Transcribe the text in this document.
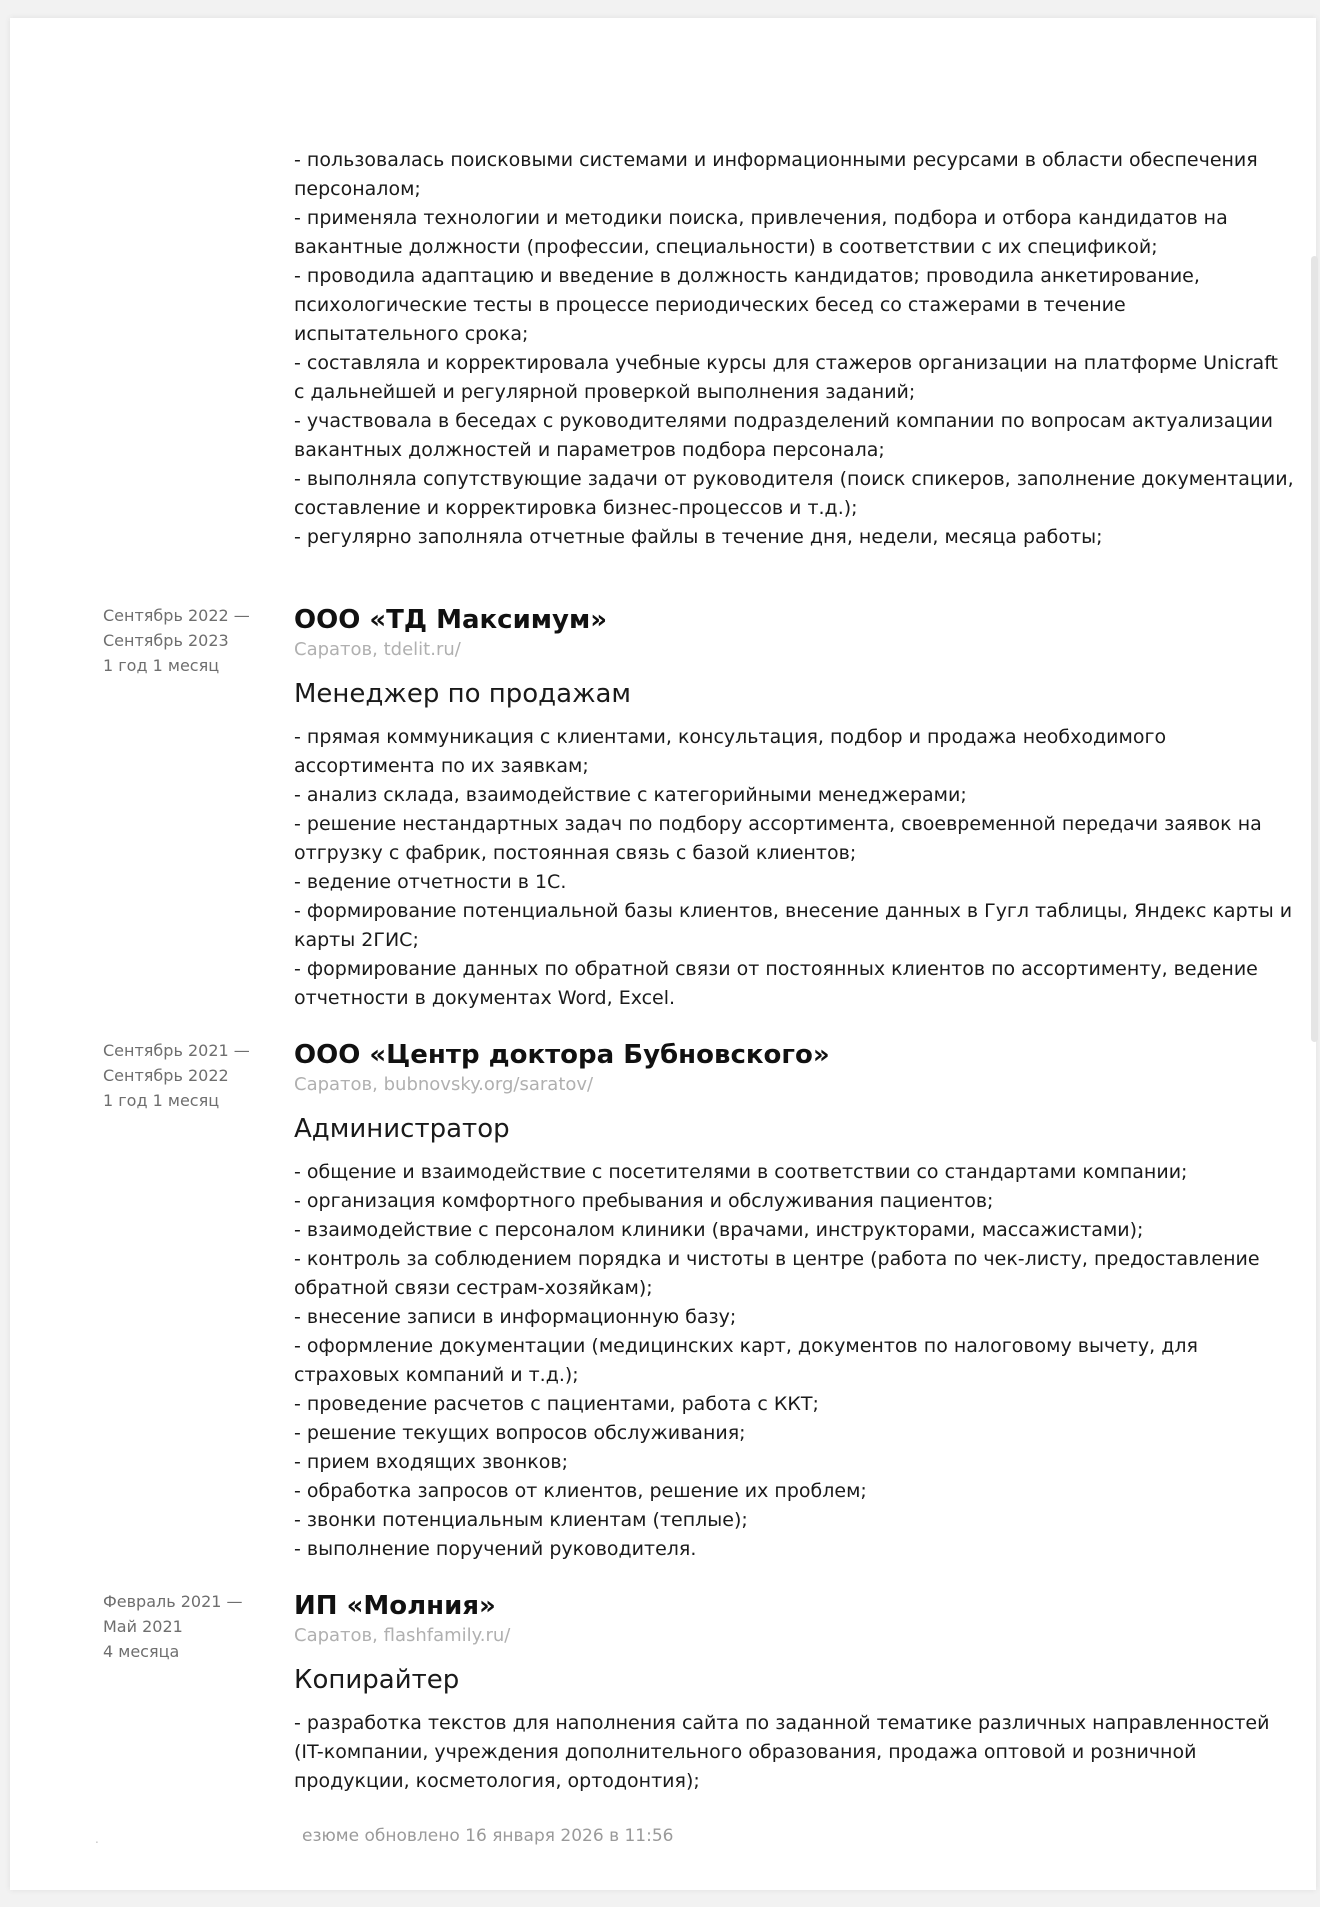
- пользовалась поисковыми системами и информационными ресурсами в области обеспечения персоналом;
- применяла технологии и методики поиска, привлечения, подбора и отбора кандидатов на вакантные должности (профессии, специальности) в соответствии с их спецификой;
- проводила адаптацию и введение в должность кандидатов; проводила анкетирование, психологические тесты в процессе периодических бесед со стажерами в течение испытательного срока;
- составляла и корректировала учебные курсы для стажеров организации на платформе Unicraft с дальнейшей и регулярной проверкой выполнения заданий;
- участвовала в беседах с руководителями подразделений компании по вопросам актуализации вакантных должностей и параметров подбора персонала;
- выполняла сопутствующие задачи от руководителя (поиск спикеров, заполнение документации, составление и корректировка бизнес-процессов и т.д.);
- регулярно заполняла отчетные файлы в течение дня, недели, месяца работы;
Сентябрь 2022 —
Сентябрь 2023
1 год 1 месяц
ООО «ТД Максимум»
Саратов, tdelit.ru/
Менеджер по продажам
- прямая коммуникация с клиентами, консультация, подбор и продажа необходимого ассортимента по их заявкам;
- анализ склада, взаимодействие с категорийными менеджерами;
- решение нестандартных задач по подбору ассортимента, своевременной передачи заявок на отгрузку с фабрик, постоянная связь с базой клиентов;
- ведение отчетности в 1С.
- формирование потенциальной базы клиентов, внесение данных в Гугл таблицы, Яндекс карты и карты 2ГИС;
- формирование данных по обратной связи от постоянных клиентов по ассортименту, ведение отчетности в документах Word, Excel.
Сентябрь 2021 —
Сентябрь 2022
1 год 1 месяц
ООО «Центр доктора Бубновского»
Саратов, bubnovsky.org/saratov/
Администратор
- общение и взаимодействие с посетителями в соответствии со стандартами компании;
- организация комфортного пребывания и обслуживания пациентов;
- взаимодействие с персоналом клиники (врачами, инструкторами, массажистами);
- контроль за соблюдением порядка и чистоты в центре (работа по чек-листу, предоставление обратной связи сестрам-хозяйкам);
- внесение записи в информационную базу;
- оформление документации (медицинских карт, документов по налоговому вычету, для страховых компаний и т.д.);
- проведение расчетов с пациентами, работа с ККТ;
- решение текущих вопросов обслуживания;
- прием входящих звонков;
- обработка запросов от клиентов, решение их проблем;
- звонки потенциальным клиентам (теплые);
- выполнение поручений руководителя.
Февраль 2021 —
Май 2021
4 месяца
ИП «Молния»
Саратов, flashfamily.ru/
Копирайтер
- разработка текстов для наполнения сайта по заданной тематике различных направленностей (IT-компании, учреждения дополнительного образования, продажа оптовой и розничной продукции, косметология, ортодонтия);
.	езюме обновлено 16 января 2026 в 11:56
